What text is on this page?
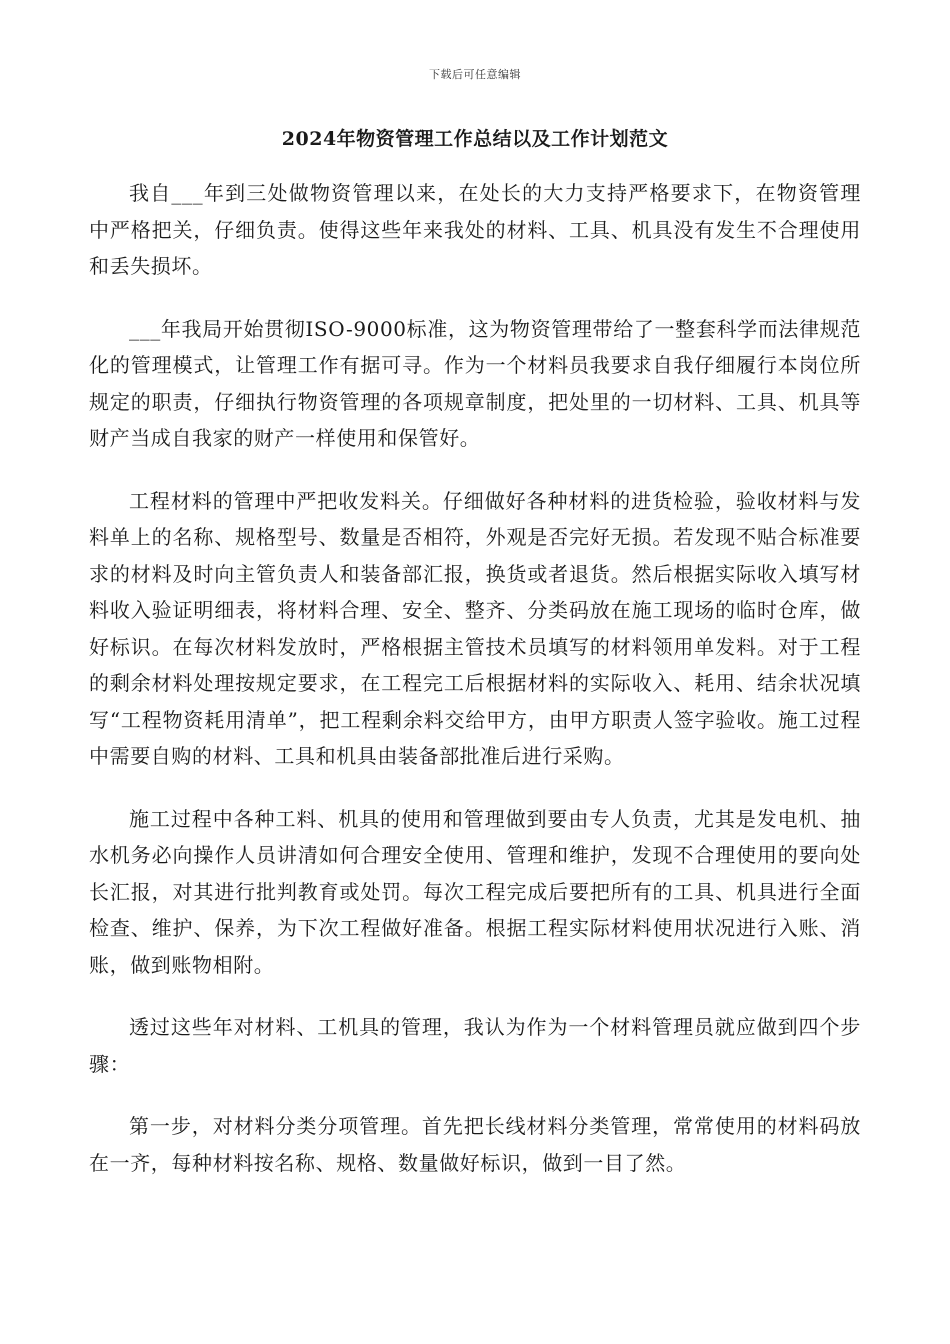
下载后可任意编辑
2024年物资管理工作总结以及工作计划范文

我自___年到三处做物资管理以来，在处长的大力支持严格要求下，在物资管理中严格把关，仔细负责。使得这些年来我处的材料、工具、机具没有发生不合理使用和丢失损坏。

___年我局开始贯彻ISO-9000标准，这为物资管理带给了一整套科学而法律规范化的管理模式，让管理工作有据可寻。作为一个材料员我要求自我仔细履行本岗位所规定的职责，仔细执行物资管理的各项规章制度，把处里的一切材料、工具、机具等财产当成自我家的财产一样使用和保管好。

工程材料的管理中严把收发料关。仔细做好各种材料的进货检验，验收材料与发料单上的名称、规格型号、数量是否相符，外观是否完好无损。若发现不贴合标准要求的材料及时向主管负责人和装备部汇报，换货或者退货。然后根据实际收入填写材料收入验证明细表，将材料合理、安全、整齐、分类码放在施工现场的临时仓库，做好标识。在每次材料发放时，严格根据主管技术员填写的材料领用单发料。对于工程的剩余材料处理按规定要求，在工程完工后根据材料的实际收入、耗用、结余状况填写“工程物资耗用清单”，把工程剩余料交给甲方，由甲方职责人签字验收。施工过程中需要自购的材料、工具和机具由装备部批准后进行采购。

施工过程中各种工料、机具的使用和管理做到要由专人负责，尤其是发电机、抽水机务必向操作人员讲清如何合理安全使用、管理和维护，发现不合理使用的要向处长汇报，对其进行批判教育或处罚。每次工程完成后要把所有的工具、机具进行全面检查、维护、保养，为下次工程做好准备。根据工程实际材料使用状况进行入账、消账，做到账物相附。

透过这些年对材料、工机具的管理，我认为作为一个材料管理员就应做到四个步骤：

第一步，对材料分类分项管理。首先把长线材料分类管理，常常使用的材料码放在一齐，每种材料按名称、规格、数量做好标识，做到一目了然。
